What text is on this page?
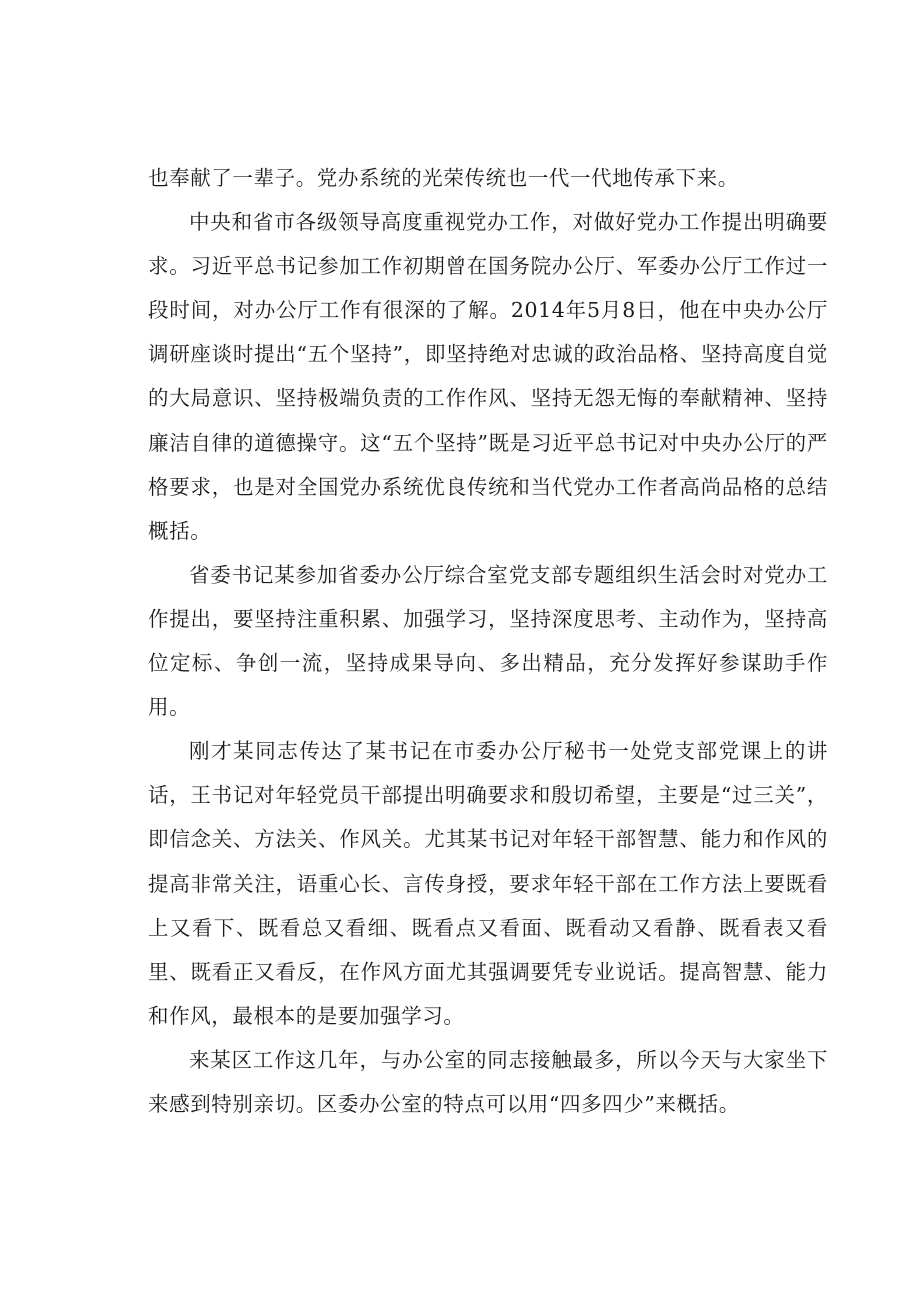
也奉献了一辈子。党办系统的光荣传统也一代一代地传承下来。

中央和省市各级领导高度重视党办工作，对做好党办工作提出明确要求。习近平总书记参加工作初期曾在国务院办公厅、军委办公厅工作过一段时间，对办公厅工作有很深的了解。2014年5月8日，他在中央办公厅调研座谈时提出“五个坚持”，即坚持绝对忠诚的政治品格、坚持高度自觉的大局意识、坚持极端负责的工作作风、坚持无怨无悔的奉献精神、坚持廉洁自律的道德操守。这“五个坚持”既是习近平总书记对中央办公厅的严格要求，也是对全国党办系统优良传统和当代党办工作者高尚品格的总结概括。

省委书记某参加省委办公厅综合室党支部专题组织生活会时对党办工作提出，要坚持注重积累、加强学习，坚持深度思考、主动作为，坚持高位定标、争创一流，坚持成果导向、多出精品，充分发挥好参谋助手作用。

刚才某同志传达了某书记在市委办公厅秘书一处党支部党课上的讲话，王书记对年轻党员干部提出明确要求和殷切希望，主要是“过三关”，即信念关、方法关、作风关。尤其某书记对年轻干部智慧、能力和作风的提高非常关注，语重心长、言传身授，要求年轻干部在工作方法上要既看上又看下、既看总又看细、既看点又看面、既看动又看静、既看表又看里、既看正又看反，在作风方面尤其强调要凭专业说话。提高智慧、能力和作风，最根本的是要加强学习。

来某区工作这几年，与办公室的同志接触最多，所以今天与大家坐下来感到特别亲切。区委办公室的特点可以用“四多四少”来概括。
